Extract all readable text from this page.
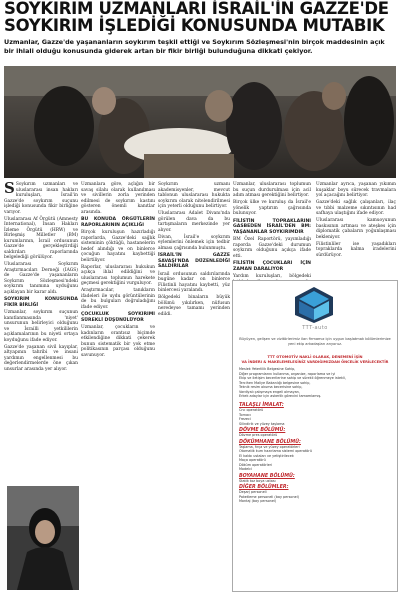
SOYKIRIM UZMANLARI İSRAİL'İN GAZZE'DE
SOYKIRIM İŞLEDİĞİ KONUSUNDA MUTABIK
Uzmanlar, Gazze'de yaşananların soykırım teşkil ettiği ve Soykırım Sözleşmesi'nin birçok maddesinin açık bir ihlali olduğu konusunda giderek artan bir fikir birliği bulunduğuna dikkati çekiyor.

S Soykırım uzmanları ve uluslararası insan hakları kuruluşları, İsrail'in Gazze'de soykırım suçunu işlediği konusunda fikir birliğine varıyor.

Uluslararası Af Örgütü (Amnesty International), İnsan Hakları İzleme Örgütü (HRW) ve Birleşmiş Milletler (BM) kurumlarının, İsrail ordusunun Gazze'de gerçekleştirdiği saldırıları raporlarında belgelediği görülüyor.

Uluslararası Soykırım Araştırmacıları Derneği (IAGS) de Gazze'de yaşananların Soykırım Sözleşmesi'ndeki soykırım tanımına uyduğunu açıklayan bir karar aldı.

SOYKIRIM KONUSUNDA FİKİR BİRLİĞİ

Uzmanlar, soykırım suçunun kanıtlanmasında 'niyet' unsurunun belirleyici olduğunu ve İsrailli yetkililerin açıklamalarının bu niyeti ortaya koyduğunu ifade ediyor.

Gazze'de yaşanan sivil kayıplar, altyapının tahribi ve insani yardımın engellenmesi bu değerlendirmelerde öne çıkan unsurlar arasında yer alıyor.

Uzmanlara göre, açlığın bir savaş silahı olarak kullanılması ve sivillerin zorla yerinden edilmesi de soykırım kastını gösteren önemli kanıtlar arasında.

BU KONUDA ÖRGÜTLERİN RAPORLARININ AÇIKLIĞI

Birçok kuruluşun hazırladığı raporlarda, Gazze'deki sağlık sisteminin çöktüğü, hastanelerin hedef alındığı ve on binlerce çocuğun hayatını kaybettiği belirtiliyor.

Raporlar, uluslararası hukukun açıkça ihlal edildiğini ve uluslararası toplumun harekete geçmesi gerektiğini vurguluyor.

Araştırmacılar, tanıkların ifadeleri ile uydu görüntülerinin de bu bulguları doğruladığını ifade ediyor.

ÇOCUKLUK SOYKIRIMI SÜREKLİ DÜŞÜNÜLÜYOR

Uzmanlar, çocukların ve kadınların orantısız biçimde etkilendiğine dikkati çekerek bunun sistematik bir yok etme politikasının parçası olduğunu savunuyor.

Soykırım uzmanı akademisyenler, mevcut tablonun uluslararası hukukta soykırım olarak nitelendirilmesi için yeterli olduğunu belirtiyor.

Uluslararası Adalet Divanı'nda görülen dava da bu tartışmaların merkezinde yer alıyor.

Divan, İsrail'e soykırım eylemlerini önlemek için tedbir alması çağrısında bulunmuştu.

İSRAİL'İN GAZZE SAVAŞI'NDA DÜZENLEDİĞİ SALDIRILAR

İsrail ordusunun saldırılarında bugüne kadar on binlerce Filistinli hayatını kaybetti, yüz binlercesi yaralandı.

Bölgedeki binaların büyük bölümü yıkılırken, nüfusun neredeyse tamamı yerinden edildi.

Uzmanlar, uluslararası toplumun bu suçun durdurulması için acil adım atması gerektiğini belirtiyor.

Birçok ülke ve kuruluş da İsrail'e yönelik yaptırım çağrısında bulunuyor.

FİLİSTİN TOPRAKLARINI GASBEDEN İSRAİL'DEN BM: YAŞANANLAR SOYKIRIMDIR

BM Özel Raportörü, yayımladığı raporda Gazze'deki durumun soykırım olduğunu açıkça ifade etti.

FİLİSTİN ÇOCUKLARI İÇİN ZAMAN DARALIYOR

Yardım kuruluşları, bölgedeki

Uzmanlar ayrıca, yaşanan yıkımın kuşaklar boyu sürecek travmalara yol açacağını belirtiyor.

Gazze'deki sağlık çalışanları, ilaç ve tıbbi malzeme sıkıntısının had safhaya ulaştığını ifade ediyor.

Uluslararası kamuoyunun baskısının artması ve ateşkes için diplomatik çabaların yoğunlaşması bekleniyor.

Filistinliler ise yaşadıkları topraklarda kalma iradelerini sürdürüyor.

TTT-auto
Büyüyen, gelişen ve vizitörlerimiz ilan firmamız için uygun başlatmak bölümlerimize yeni ekip arkadaşları arıyoruz.
TTT OTOMOTİV NAKLİ OLARAK, DENEMENİ İŞİN
VA İNDERI & MAKELEMELESİNİZ VARDIĞIMIZDAN ÖNCELİK VERİLECEKTİR
Meslek Yeterlilik Belgesine Sahip,
Diğer programlarını kullanma, organize, raporlama ve iyi
Ekip ve iletişim becerilerine sahip ve sürekli öğrenmeye istekli,
Tercihen Maliye Bakanlığı belgesine sahip,
Teknik resim okuma becerisine sahip,
Vardiyalı çalışmaya engeli olmayan,
Erkek adaylar için askerlik görevini tamamlamış.
TALAŞLI İMALAT:
Cnc operatörü
Tornacı
Frezeci
Silindirik ve yüzey taşlama
DÖVME BÖLÜMÜ:
Dövme pres operatörü
DÖKÜMHANE BÖLÜMÜ:
Taşlama, fırça ve yüzey operatörleri
Otomatik kum hazırlama sistemi operatörü
El kalıbı ustaları ve yetiştirilecek
Maça operatörü
Döküm operatörleri
Modelci
BOYAHANE BÖLÜMÜ:
Statik toz boya ustası
DİĞER BÖLÜMLER:
Deşarj personeli
Paketleme personeli (bay personel)
Montaj (bay personel)
